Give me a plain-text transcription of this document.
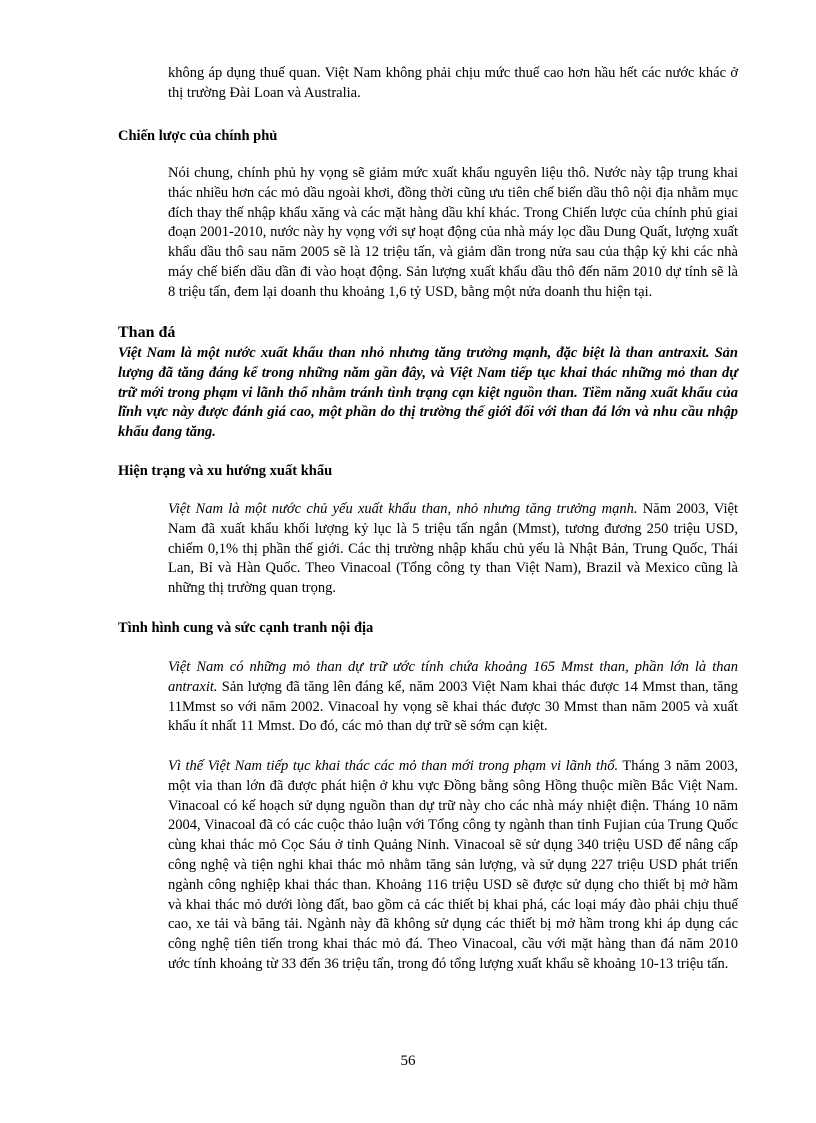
không áp dụng thuế quan. Việt Nam không phải chịu mức thuế cao hơn hầu hết các nước khác ở thị trường Đài Loan và Australia.

Chiến lược của chính phủ

Nói chung, chính phủ hy vọng sẽ giảm mức xuất khẩu nguyên liệu thô. Nước này tập trung khai thác nhiều hơn các mỏ dầu ngoài khơi, đồng thời cũng ưu tiên chế biến dầu thô nội địa nhằm mục đích thay thế nhập khẩu xăng và các mặt hàng dầu khí khác. Trong Chiến lược của chính phủ giai đoạn 2001-2010, nước này hy vọng với sự hoạt động của nhà máy lọc dầu Dung Quất, lượng xuất khẩu dầu thô sau năm 2005 sẽ là 12 triệu tấn, và giảm dần trong nửa sau của thập kỷ khi các nhà máy chế biến dầu dần đi vào hoạt động. Sản lượng xuất khẩu dầu thô đến năm 2010 dự tính sẽ là 8 triệu tấn, đem lại doanh thu khoảng 1,6 tỷ USD, bằng một nửa doanh thu hiện tại.

Than đá

Việt Nam là một nước xuất khẩu than nhỏ nhưng tăng trưởng mạnh, đặc biệt là than antraxit. Sản lượng đã tăng đáng kể trong những năm gần đây, và Việt Nam tiếp tục khai thác những mỏ than dự trữ mới trong phạm vi lãnh thổ nhằm tránh tình trạng cạn kiệt nguồn than. Tiềm năng xuất khẩu của lĩnh vực này được đánh giá cao, một phần do thị trường thế giới đối với than đá lớn và nhu cầu nhập khẩu đang tăng.

Hiện trạng và xu hướng xuất khẩu

Việt Nam là một nước chủ yếu xuất khẩu than, nhỏ nhưng tăng trưởng mạnh. Năm 2003, Việt Nam đã xuất khẩu khối lượng kỷ lục là 5 triệu tấn ngắn (Mmst), tương đương 250 triệu USD, chiếm 0,1% thị phần thế giới. Các thị trường nhập khẩu chủ yếu là Nhật Bản, Trung Quốc, Thái Lan, Bỉ và Hàn Quốc. Theo Vinacoal (Tổng công ty than Việt Nam), Brazil và Mexico cũng là những thị trường quan trọng.

Tình hình cung và sức cạnh tranh nội địa

Việt Nam có những mỏ than dự trữ ước tính chứa khoảng 165 Mmst than, phần lớn là than antraxit. Sản lượng đã tăng lên đáng kể, năm 2003 Việt Nam khai thác được 14 Mmst than, tăng 11Mmst so với năm 2002. Vinacoal hy vọng sẽ khai thác được 30 Mmst than năm 2005 và xuất khẩu ít nhất 11 Mmst. Do đó, các mỏ than dự trữ sẽ sớm cạn kiệt.

Vì thế Việt Nam tiếp tục khai thác các mỏ than mới trong phạm vi lãnh thổ. Tháng 3 năm 2003, một vỉa than lớn đã được phát hiện ở khu vực Đồng bằng sông Hồng thuộc miền Bắc Việt Nam. Vinacoal có kế hoạch sử dụng nguồn than dự trữ này cho các nhà máy nhiệt điện. Tháng 10 năm 2004, Vinacoal đã có các cuộc thảo luận với Tổng công ty ngành than tỉnh Fujian của Trung Quốc cùng khai thác mỏ Cọc Sáu ở tỉnh Quảng Ninh. Vinacoal sẽ sử dụng 340 triệu USD để nâng cấp công nghệ và tiện nghi khai thác mỏ nhằm tăng sản lượng, và sử dụng 227 triệu USD phát triển ngành công nghiệp khai thác than. Khoảng 116 triệu USD sẽ được sử dụng cho thiết bị mở hầm và khai thác mỏ dưới lòng đất, bao gồm cả các thiết bị khai phá, các loại máy đào phải chịu thuế cao, xe tải và băng tải. Ngành này đã không sử dụng các thiết bị mở hầm trong khi áp dụng các công nghệ tiên tiến trong khai thác mỏ đá. Theo Vinacoal, cầu với mặt hàng than đá năm 2010 ước tính khoảng từ 33 đến 36 triệu tấn, trong đó tổng lượng xuất khẩu sẽ khoảng 10-13 triệu tấn.

56
